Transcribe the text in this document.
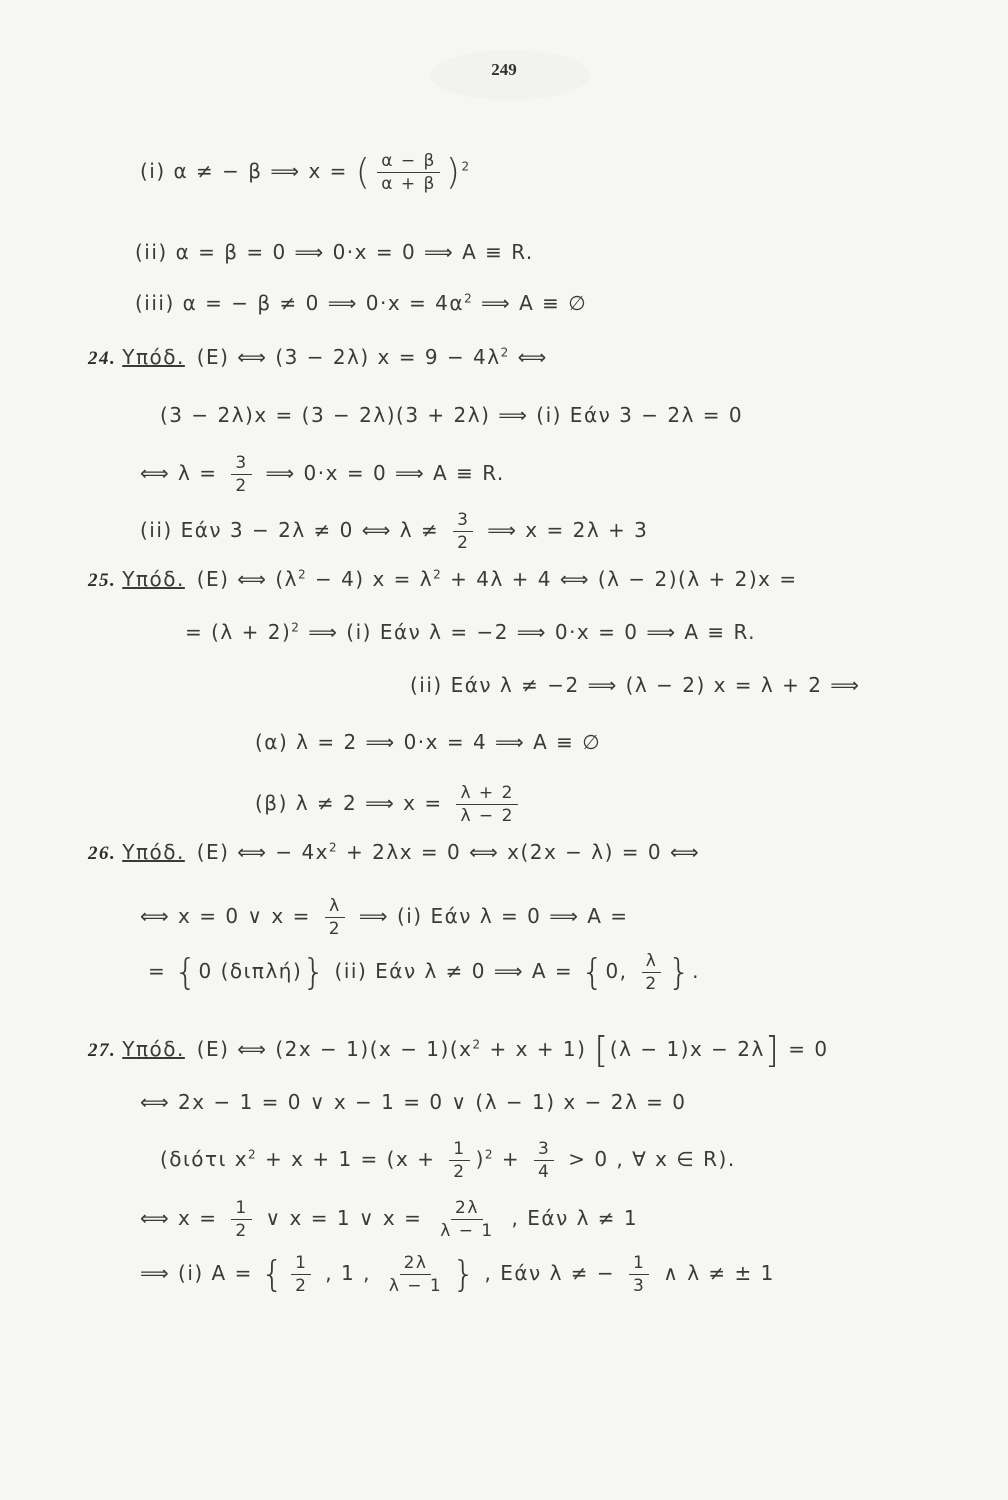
249
(i) α ≠ − β ⟹ x = ( $\frac{\alpha - \beta}{\alpha + \beta} )^2$
(ii) α = β = 0 ⟹ 0·x = 0 ⟹ A ≡ R.
(iii) α = − β ≠ 0 ⟹ $0\cdot x = 4\alpha^2$ ⟹ A ≡ ∅
24. Υπόδ. (E) ⟺ (3 − 2λ) $x = 9 - 4\lambda^2$ ⟺
(3 − 2λ)x = (3 − 2λ)(3 + 2λ) ⟹ (i) Εάν 3 − 2λ = 0
⟺ $\lambda = \frac{3}{2}$ ⟹ 0·x = 0 ⟹ A ≡ R.
(ii) Εάν 3 − 2λ ≠ 0 ⟺ $\lambda \ne \frac{3}{2}$ ⟹ x = 2λ + 3
25. Υπόδ. (E) ⟺ $(\lambda^2 - 4) x = \lambda^2 + 4\lambda + 4$ ⟺ (λ − 2)(λ + 2)x =
= $(\lambda + 2)^2$ ⟹ (i) Εάν λ = −2 ⟹ 0·x = 0 ⟹ A ≡ R.
(ii) Εάν λ ≠ −2 ⟹ (λ − 2) x = λ + 2 ⟹
(α) λ = 2 ⟹ 0·x = 4 ⟹ A ≡ ∅
(β) λ ≠ 2 ⟹ $x = \frac{\lambda + 2}{\lambda - 2}$
26. Υπόδ. (E) ⟺ − $4x^2 + 2\lambda x = 0$ ⟺ x(2x − λ) = 0 ⟺
⟺ x = 0 ∨ $x = \frac{\lambda}{2}$ ⟹ (i) Εάν λ = 0 ⟹ A =
= {0 (διπλή)} (ii) Εάν λ ≠ 0 ⟹ A = {0, $\frac{\lambda}{2}$ }.
27. Υπόδ. (E) ⟺ $(2x - 1)(x - 1)(x^2 + x + 1)$ [(λ − 1)x − 2λ] = 0
⟺ 2x − 1 = 0 ∨ x − 1 = 0 ∨ (λ − 1) x − 2λ = 0
(διότι $x^2 + x + 1 = (x + \frac{1}{2} )^2 + \frac{3}{4} > 0$ , ∀ x ∈ R).
⟺ $x = \frac{1}{2}$ ∨ x = 1 ∨ $x = \frac{2\lambda}{\lambda - 1}$ , Εάν λ ≠ 1
⟹ (i) A = { $\frac{1}{2}$ , 1 , $\frac{2\lambda}{\lambda - 1}$ } , Εάν λ ≠ − $\frac{1}{3}$ ∧ λ ≠ ± 1
